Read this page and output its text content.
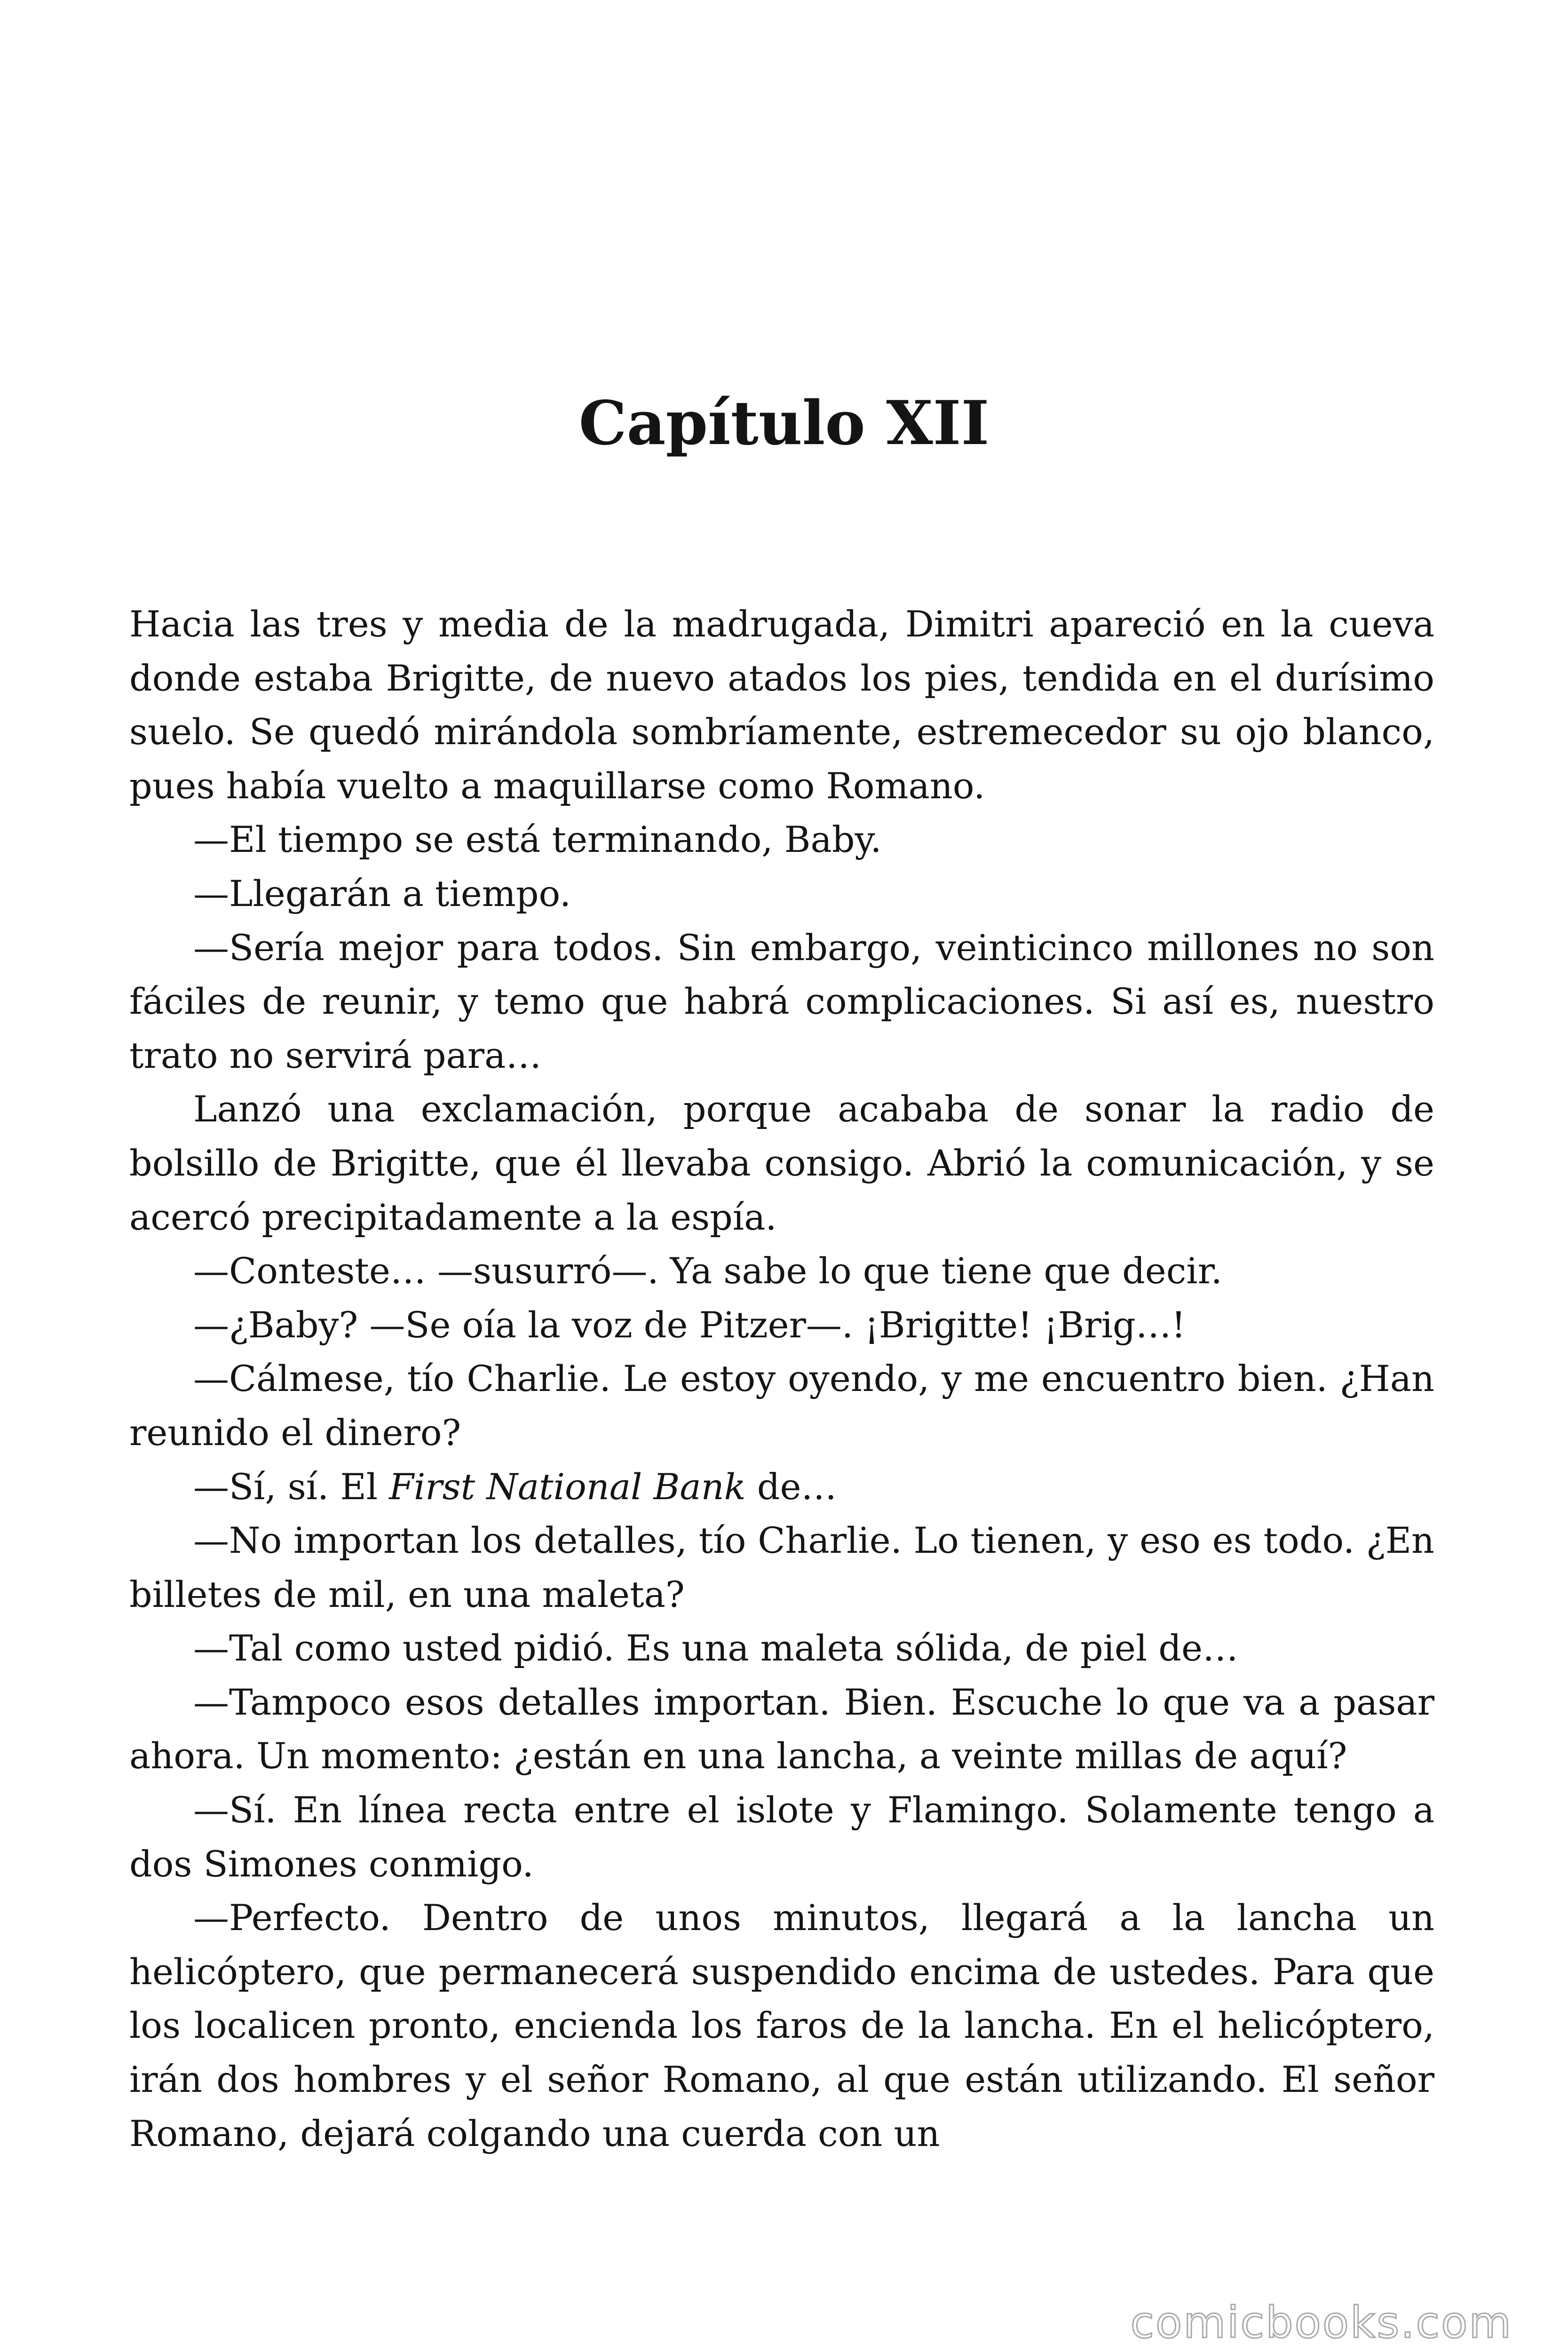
Capítulo XII

Hacia las tres y media de la madrugada, Dimitri apareció en la cueva donde estaba Brigitte, de nuevo atados los pies, tendida en el durísimo suelo. Se quedó mirándola sombríamente, estremecedor su ojo blanco, pues había vuelto a maquillarse como Romano.

—El tiempo se está terminando, Baby.

—Llegarán a tiempo.

—Sería mejor para todos. Sin embargo, veinticinco millones no son fáciles de reunir, y temo que habrá complicaciones. Si así es, nuestro trato no servirá para…

Lanzó una exclamación, porque acababa de sonar la radio de bolsillo de Brigitte, que él llevaba consigo. Abrió la comunicación, y se acercó precipitadamente a la espía.

—Conteste… —susurró—. Ya sabe lo que tiene que decir.

—¿Baby? —Se oía la voz de Pitzer—. ¡Brigitte! ¡Brig…!

—Cálmese, tío Charlie. Le estoy oyendo, y me encuentro bien. ¿Han reunido el dinero?

—Sí, sí. El First National Bank de…

—No importan los detalles, tío Charlie. Lo tienen, y eso es todo. ¿En billetes de mil, en una maleta?

—Tal como usted pidió. Es una maleta sólida, de piel de…

—Tampoco esos detalles importan. Bien. Escuche lo que va a pasar ahora. Un momento: ¿están en una lancha, a veinte millas de aquí?

—Sí. En línea recta entre el islote y Flamingo. Solamente tengo a dos Simones conmigo.

—Perfecto. Dentro de unos minutos, llegará a la lancha un helicóptero, que permanecerá suspendido encima de ustedes. Para que los localicen pronto, encienda los faros de la lancha. En el helicóptero, irán dos hombres y el señor Romano, al que están utilizando. El señor Romano, dejará colgando una cuerda con un

comicbooks.com
